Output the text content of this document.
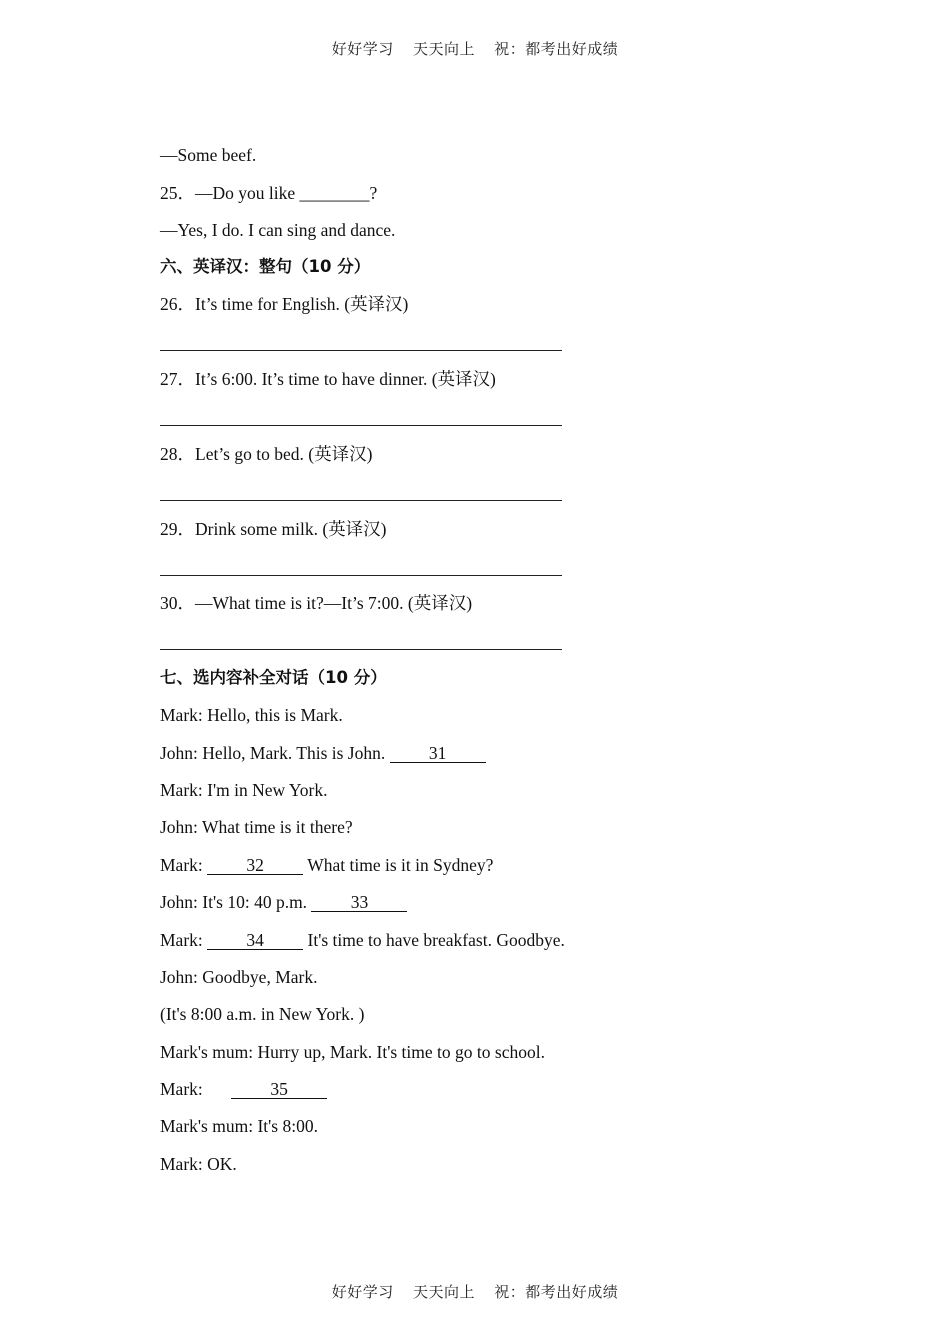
好好学习 天天向上 祝：都考出好成绩
—Some beef.
25．—Do you like ________?
—Yes, I do. I can sing and dance.
六、英译汉：整句（10 分）
26．It’s time for English. (英译汉)
27．It’s 6:00. It’s time to have dinner. (英译汉)
28．Let’s go to bed. (英译汉)
29．Drink some milk. (英译汉)
30．—What time is it?—It’s 7:00. (英译汉)
七、选内容补全对话（10 分）
Mark: Hello, this is Mark.
John: Hello, Mark. This is John. 31
Mark: I'm in New York.
John: What time is it there?
Mark: 32 What time is it in Sydney?
John: It's 10: 40 p.m. 33
Mark: 34 It's time to have breakfast. Goodbye.
John: Goodbye, Mark.
(It's 8:00 a.m. in New York. )
Mark's mum: Hurry up, Mark. It's time to go to school.
Mark:	35
Mark's mum: It's 8:00.
Mark: OK.
好好学习 天天向上 祝：都考出好成绩
